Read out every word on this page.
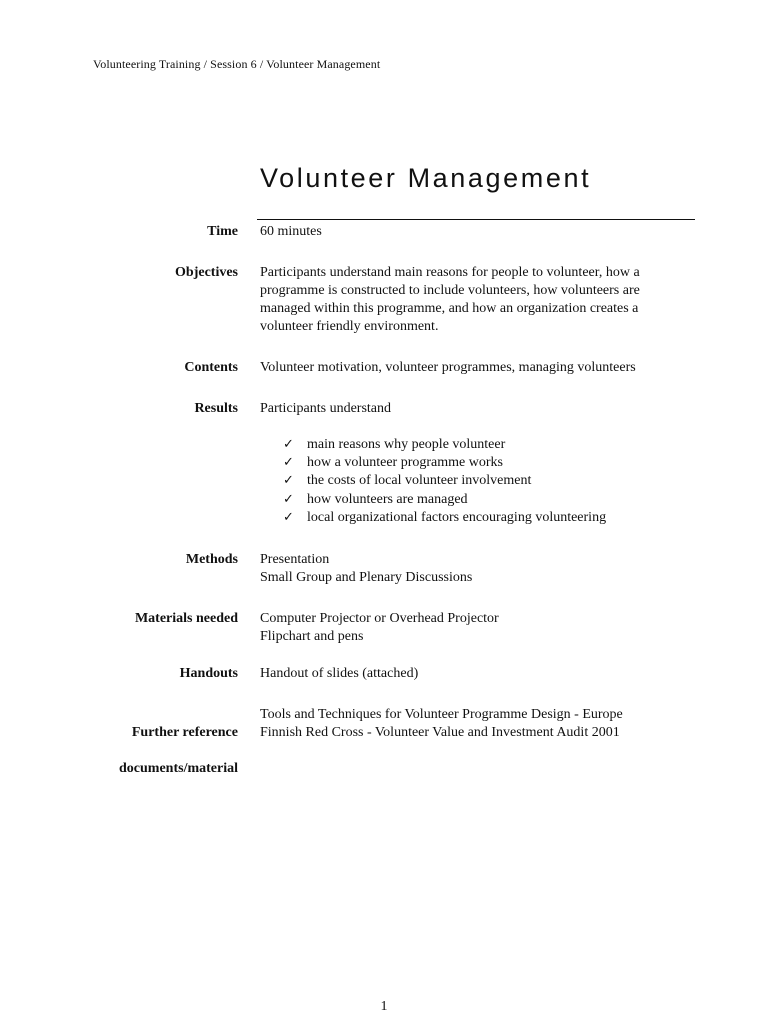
Volunteering Training / Session 6 / Volunteer Management
Volunteer Management
Time 60 minutes
Objectives Participants understand main reasons for people to volunteer, how a
programme is constructed to include volunteers, how volunteers are
managed within this programme, and how an organization creates a
volunteer friendly environment.
Contents Volunteer motivation, volunteer programmes, managing volunteers
Results Participants understand
✓ main reasons why people volunteer
✓ how a volunteer programme works
✓ the costs of local volunteer involvement
✓ how volunteers are managed
✓ local organizational factors encouraging volunteering
Methods Presentation
Small Group and Plenary Discussions
Materials needed Computer Projector or Overhead Projector
Flipchart and pens
Handouts Handout of slides (attached)

Further reference

documents/material

Tools and Techniques for Volunteer Programme Design - Europe
Finnish Red Cross - Volunteer Value and Investment Audit 2001
1
